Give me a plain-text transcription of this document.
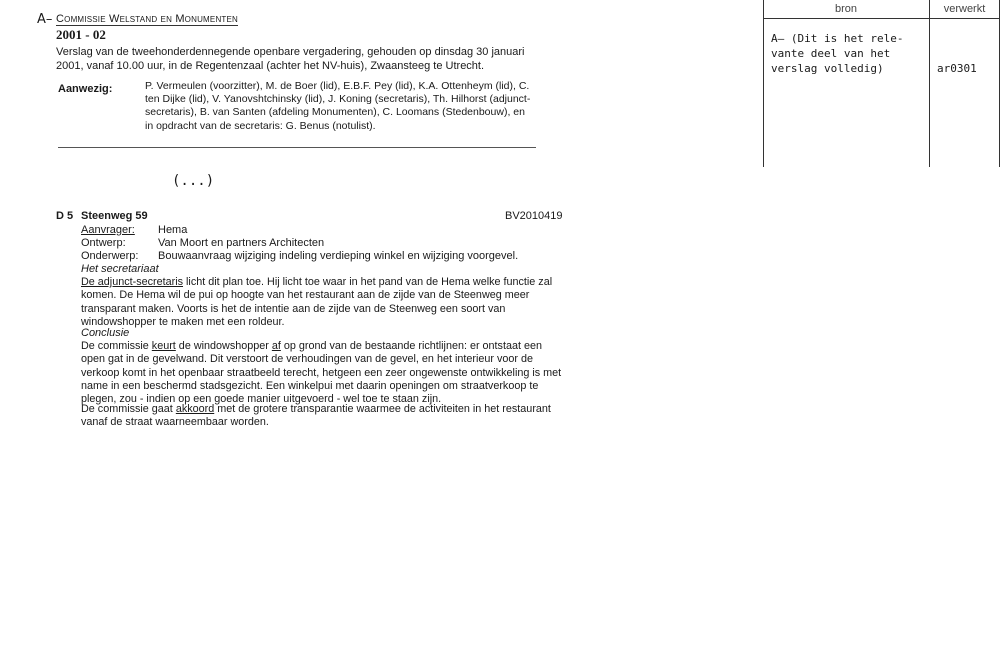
A– Commissie Welstand en Monumenten
2001 - 02
Verslag van de tweehonderdennegende openbare vergadering, gehouden op dinsdag 30 januari 2001, vanaf 10.00 uur, in de Regentenzaal (achter het NV-huis), Zwaansteeg te Utrecht.
Aanwezig:	P. Vermeulen (voorzitter), M. de Boer (lid), E.B.F. Pey (lid), K.A. Ottenheym (lid), C. ten Dijke (lid), V. Yanovshtchinsky (lid), J. Koning (secretaris), Th. Hilhorst (adjunct-secretaris), B. van Santen (afdeling Monumenten), C. Loomans (Stedenbouw), en in opdracht van de secretaris: G. Benus (notulist).
(...)
bron	verwerkt
A– (Dit is het rele-
vante deel van het
verslag volledig)	ar0301
D 5 Steenweg 59	BV2010419
Aanvrager: Hema
Ontwerp:	Van Moort en partners Architecten
Onderwerp: Bouwaanvraag wijziging indeling verdieping winkel en wijziging voorgevel.
Het secretariaat
De adjunct-secretaris licht dit plan toe. Hij licht toe waar in het pand van de Hema welke functie zal komen. De Hema wil de pui op hoogte van het restaurant aan de zijde van de Steenweg meer transparant maken. Voorts is het de intentie aan de zijde van de Steenweg een soort van windowshopper te maken met een roldeur.
Conclusie
De commissie keurt de windowshopper af op grond van de bestaande richtlijnen: er ontstaat een open gat in de gevelwand. Dit verstoort de verhoudingen van de gevel, en het interieur voor de verkoop komt in het openbaar straatbeeld terecht, hetgeen een zeer ongewenste ontwikkeling is met name in een beschermd stadsgezicht. Een winkelpui met daarin openingen om straatverkoop te plegen, zou - indien op een goede manier uitgevoerd - wel toe te staan zijn.
De commissie gaat akkoord met de grotere transparantie waarmee de activiteiten in het restaurant vanaf de straat waarneembaar worden.
